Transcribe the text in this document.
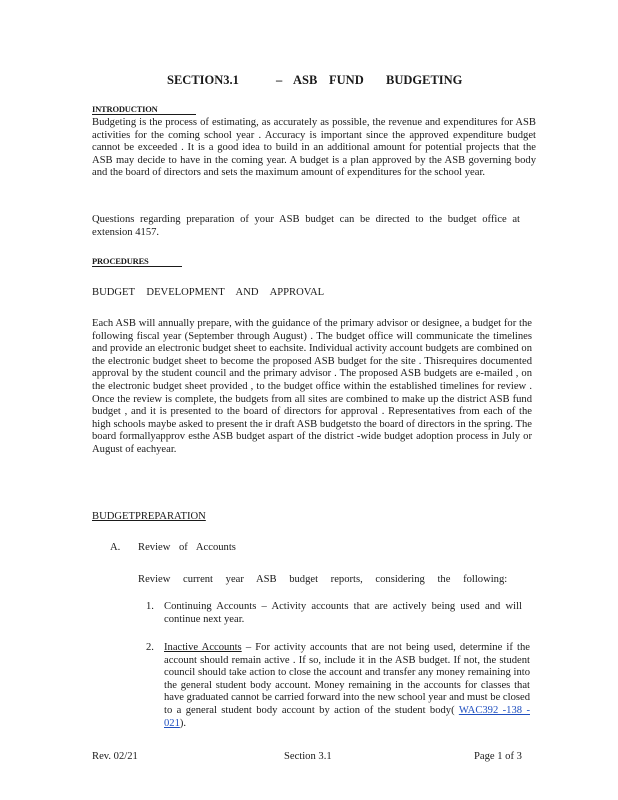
SECTION3.1	– ASB FUND BUDGETING
INTRODUCTION
Budgeting is the process of estimating, as accurately as possible, the revenue and expenditures for ASB activities for the coming school year . Accuracy is important since the approved expenditure budget cannot be exceeded . It is a good idea to build in an additional amount for potential projects that the ASB may decide to have in the coming year. A budget is a plan approved by the ASB governing body and the board of directors and sets the maximum amount of expenditures for the school year.
Questions regarding preparation of your ASB budget can be directed to the budget office at extension 4157.
PROCEDURES
BUDGET DEVELOPMENT AND APPROVAL
Each ASB will annually prepare, with the guidance of the primary advisor or designee, a budget for the following fiscal year (September through August) . The budget office will communicate the timelines and provide an electronic budget sheet to eachsite. Individual activity account budgets are combined on the electronic budget sheet to become the proposed ASB budget for the site . Thisrequires documented approval by the student council and the primary advisor . The proposed ASB budgets are e-mailed , on the electronic budget sheet provided , to the budget office within the established timelines for review . Once the review is complete, the budgets from all sites are combined to make up the district ASB fund budget , and it is presented to the board of directors for approval . Representatives from each of the high schools maybe asked to present the ir draft ASB budgetsto the board of directors in the spring. The board formallyapprov esthe ASB budget aspart of the district -wide budget adoption process in July or August of eachyear.
BUDGETPREPARATION
A. Review of Accounts
Review current year ASB budget reports, considering the following:
1. Continuing Accounts – Activity accounts that are actively being used and will continue next year.
2. Inactive Accounts – For activity accounts that are not being used, determine if the account should remain active . If so, include it in the ASB budget. If not, the student council should take action to close the account and transfer any money remaining into the general student body account. Money remaining in the accounts for classes that have graduated cannot be carried forward into the new school year and must be closed to a general student body account by action of the student body( WAC392 -138 - 021).
Rev. 02/21	Section 3.1	Page 1 of 3
